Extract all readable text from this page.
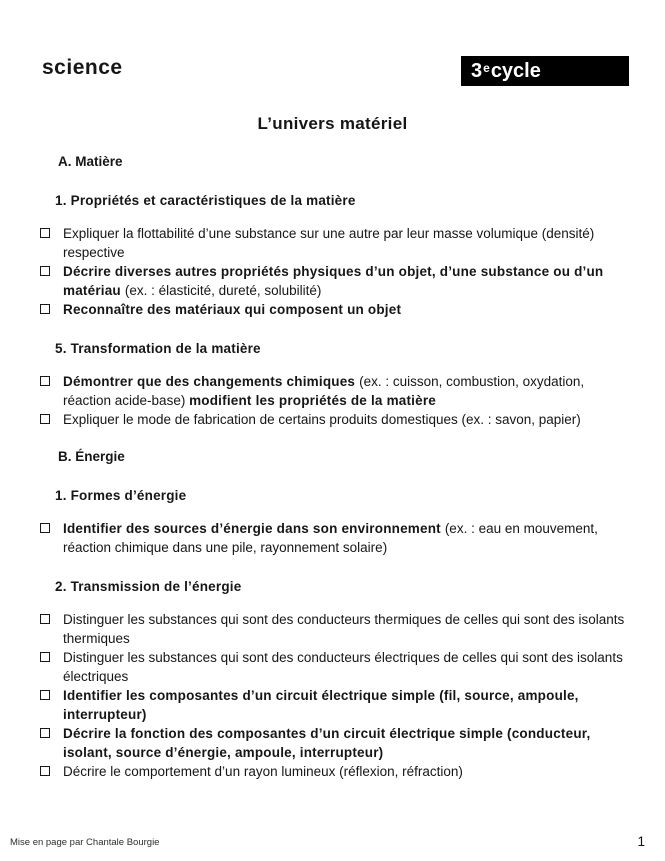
science	3 e cycle
L’univers matériel
A. Matière
1. Propriétés et caractéristiques de la matière
Expliquer la flottabilité d’une substance sur une autre par leur masse volumique (densité) respective
Décrire diverses autres propriétés physiques d’un objet, d’une substance ou d’un matériau (ex. : élasticité, dureté, solubilité)
Reconnaître des matériaux qui composent un objet
5. Transformation de la matière
Démontrer que des changements chimiques (ex. : cuisson, combustion, oxydation, réaction acide-base) modifient les propriétés de la matière
Expliquer le mode de fabrication de certains produits domestiques (ex. : savon, papier)
B. Énergie
1. Formes d’énergie
Identifier des sources d’énergie dans son environnement (ex. : eau en mouvement, réaction chimique dans une pile, rayonnement solaire)
2. Transmission de l’énergie
Distinguer les substances qui sont des conducteurs thermiques de celles qui sont des isolants thermiques
Distinguer les substances qui sont des conducteurs électriques de celles qui sont des isolants électriques
Identifier les composantes d’un circuit électrique simple (fil, source, ampoule, interrupteur)
Décrire la fonction des composantes d’un circuit électrique simple (conducteur, isolant, source d’énergie, ampoule, interrupteur)
Décrire le comportement d’un rayon lumineux (réflexion, réfraction)
Mise en page par Chantale Bourgie	1
